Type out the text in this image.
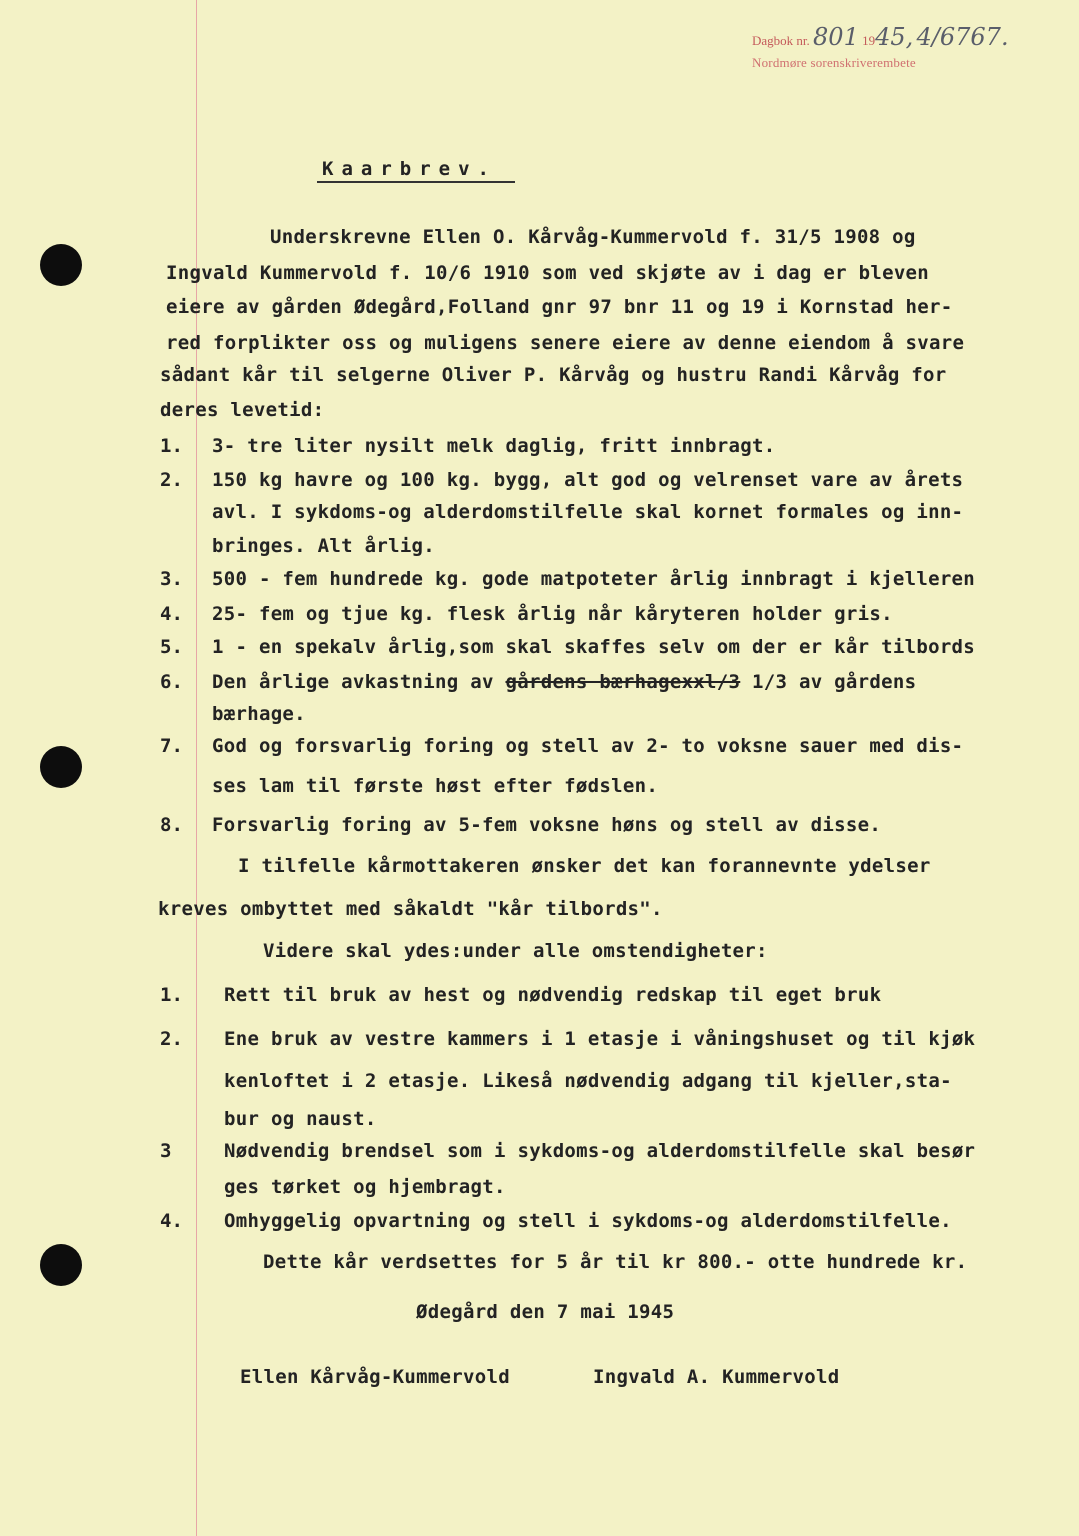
Dagbok nr. 801 1945, 4/6767.
Nordmøre sorenskriverembete
Kaarbrev.
Underskrevne Ellen O. Kårvåg-Kummervold f. 31/5 1908 og
Ingvald Kummervold f. 10/6 1910 som ved skjøte av i dag er bleven
eiere av gården Ødegård,Folland gnr 97 bnr 11 og 19 i Kornstad her-
red forplikter oss og muligens senere eiere av denne eiendom å svare
sådant kår til selgerne Oliver P. Kårvåg og hustru Randi Kårvåg for
deres levetid:
1. 3- tre liter nysilt melk daglig, fritt innbragt.
2. 150 kg havre og 100 kg. bygg, alt god og velrenset vare av årets
avl. I sykdoms-og alderdomstilfelle skal kornet formales og inn-
bringes. Alt årlig.
3. 500 - fem hundrede kg. gode matpoteter årlig innbragt i kjelleren
4. 25- fem og tjue kg. flesk årlig når kåryteren holder gris.
5. 1 - en spekalv årlig,som skal skaffes selv om der er kår tilbords
6. Den årlige avkastning av gårdens bærhagexxl/3 1/3 av gårdens
bærhage.
7. God og forsvarlig foring og stell av 2- to voksne sauer med dis-
ses lam til første høst efter fødslen.
8. Forsvarlig foring av 5-fem voksne høns og stell av disse.
I tilfelle kårmottakeren ønsker det kan forannevnte ydelser
kreves ombyttet med såkaldt "kår tilbords".
Videre skal ydes:under alle omstendigheter:
1. Rett til bruk av hest og nødvendig redskap til eget bruk
2. Ene bruk av vestre kammers i 1 etasje i våningshuset og til kjøk
kenloftet i 2 etasje. Likeså nødvendig adgang til kjeller,sta-
bur og naust.
3	Nødvendig brendsel som i sykdoms-og alderdomstilfelle skal besør
ges tørket og hjembragt.
4. Omhyggelig opvartning og stell i sykdoms-og alderdomstilfelle.
Dette kår verdsettes for 5 år til kr 800.- otte hundrede kr.
Ødegård den 7 mai 1945
Ellen Kårvåg-Kummervold	Ingvald A. Kummervold
